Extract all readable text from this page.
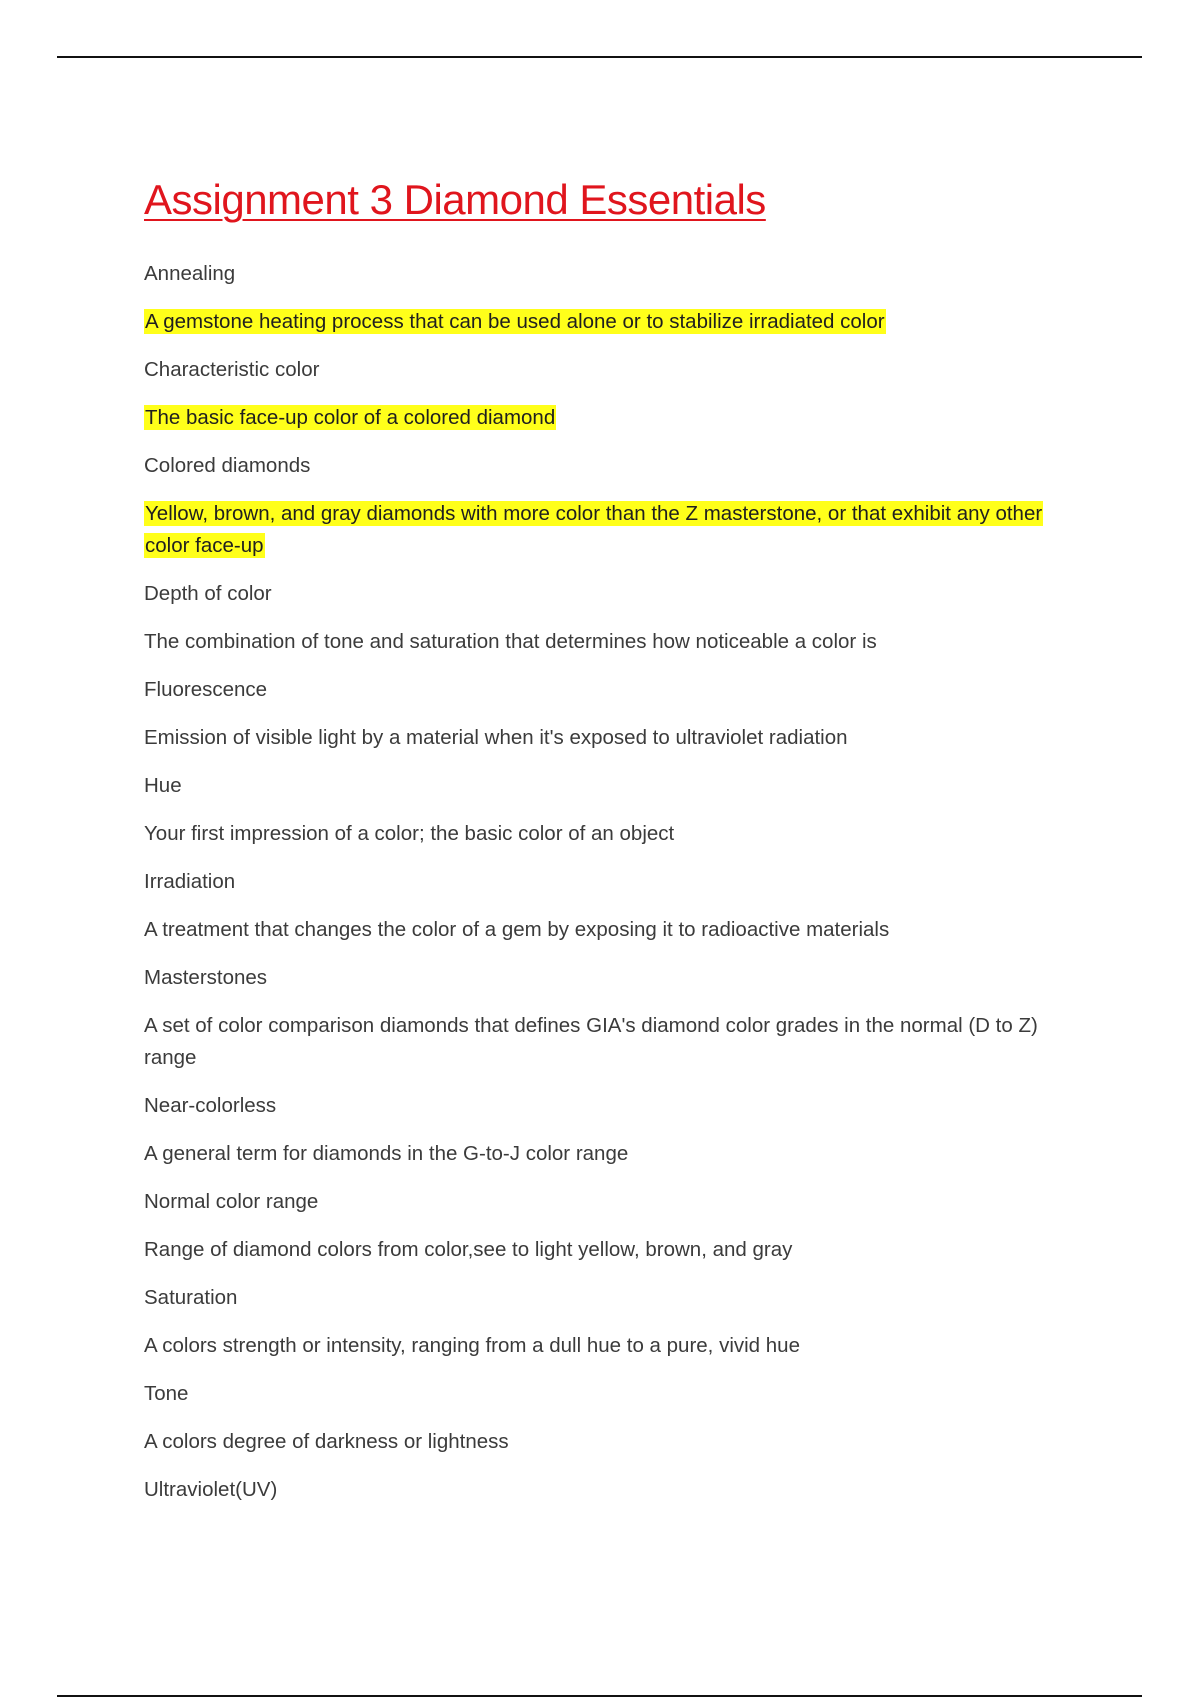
Assignment 3 Diamond Essentials
Annealing
A gemstone heating process that can be used alone or to stabilize irradiated color
Characteristic color
The basic face-up color of a colored diamond
Colored diamonds
Yellow, brown, and gray diamonds with more color than the Z masterstone, or that exhibit any other color face-up
Depth of color
The combination of tone and saturation that determines how noticeable a color is
Fluorescence
Emission of visible light by a material when it's exposed to ultraviolet radiation
Hue
Your first impression of a color; the basic color of an object
Irradiation
A treatment that changes the color of a gem by exposing it to radioactive materials
Masterstones
A set of color comparison diamonds that defines GIA's diamond color grades in the normal (D to Z) range
Near-colorless
A general term for diamonds in the G-to-J color range
Normal color range
Range of diamond colors from color,see to light yellow, brown, and gray
Saturation
A colors strength or intensity, ranging from a dull hue to a pure, vivid hue
Tone
A colors degree of darkness or lightness
Ultraviolet(UV)
